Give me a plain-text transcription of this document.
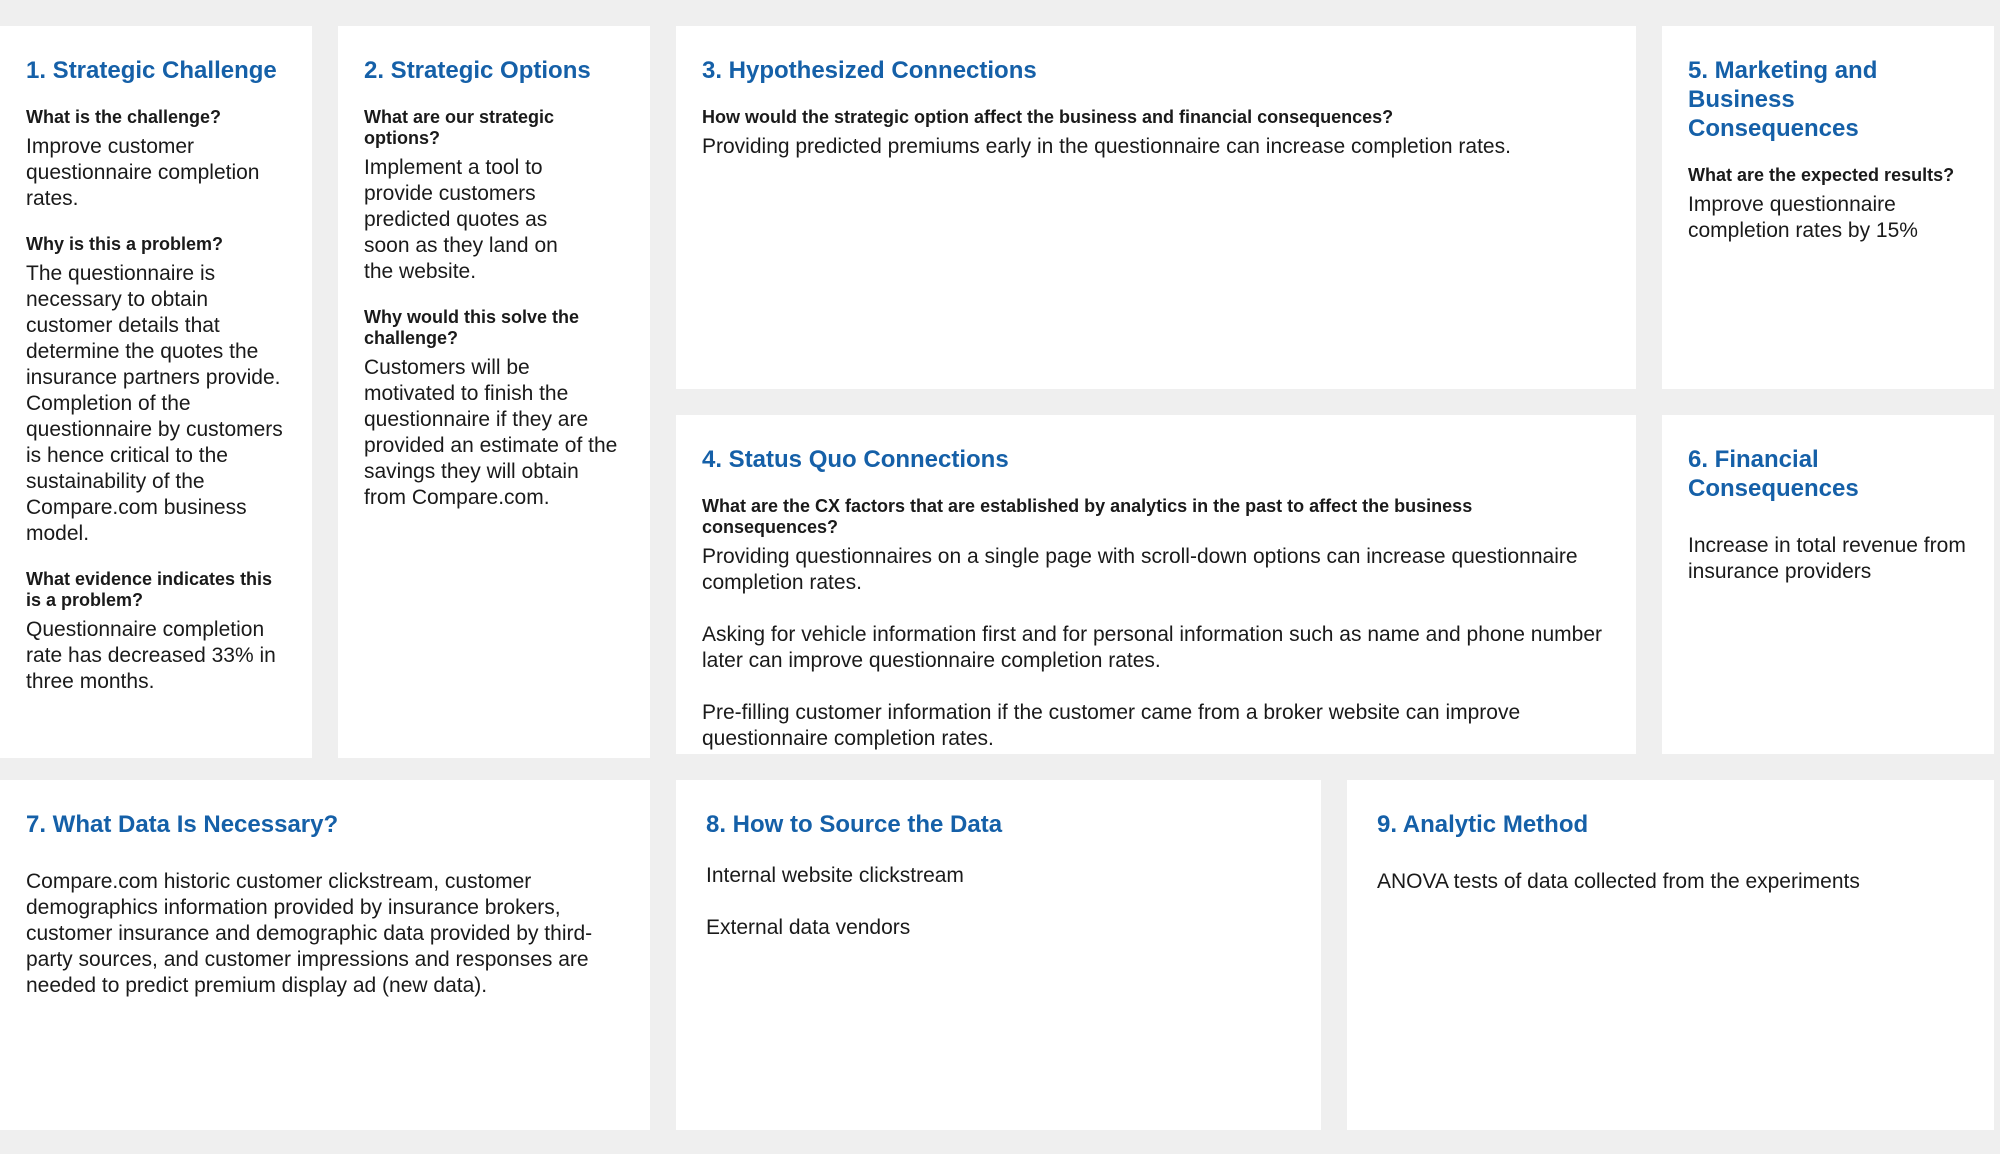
1. Strategic Challenge

What is the challenge?

Improve customer questionnaire completion rates.

Why is this a problem?

The questionnaire is necessary to obtain customer details that determine the quotes the insurance partners provide. Completion of the questionnaire by customers is hence critical to the sustainability of the Compare.com business model.

What evidence indicates this is a problem?

Questionnaire completion rate has decreased 33% in three months.

2. Strategic Options

What are our strategic options?

Implement a tool to provide customers predicted quotes as soon as they land on the website.

Why would this solve the challenge?

Customers will be motivated to finish the questionnaire if they are provided an estimate of the savings they will obtain from Compare.com.

3. Hypothesized Connections

How would the strategic option affect the business and financial consequences?

Providing predicted premiums early in the questionnaire can increase completion rates.

5. Marketing and Business Consequences

What are the expected results?

Improve questionnaire completion rates by 15%

4. Status Quo Connections

What are the CX factors that are established by analytics in the past to affect the business consequences?

Providing questionnaires on a single page with scroll-down options can increase questionnaire completion rates.

Asking for vehicle information first and for personal information such as name and phone number later can improve questionnaire completion rates.

Pre-filling customer information if the customer came from a broker website can improve questionnaire completion rates.

6. Financial Consequences

Increase in total revenue from insurance providers

7. What Data Is Necessary?

Compare.com historic customer clickstream, customer demographics information provided by insurance brokers, customer insurance and demographic data provided by third-party sources, and customer impressions and responses are needed to predict premium display ad (new data).

8. How to Source the Data

Internal website clickstream

External data vendors

9. Analytic Method

ANOVA tests of data collected from the experiments
